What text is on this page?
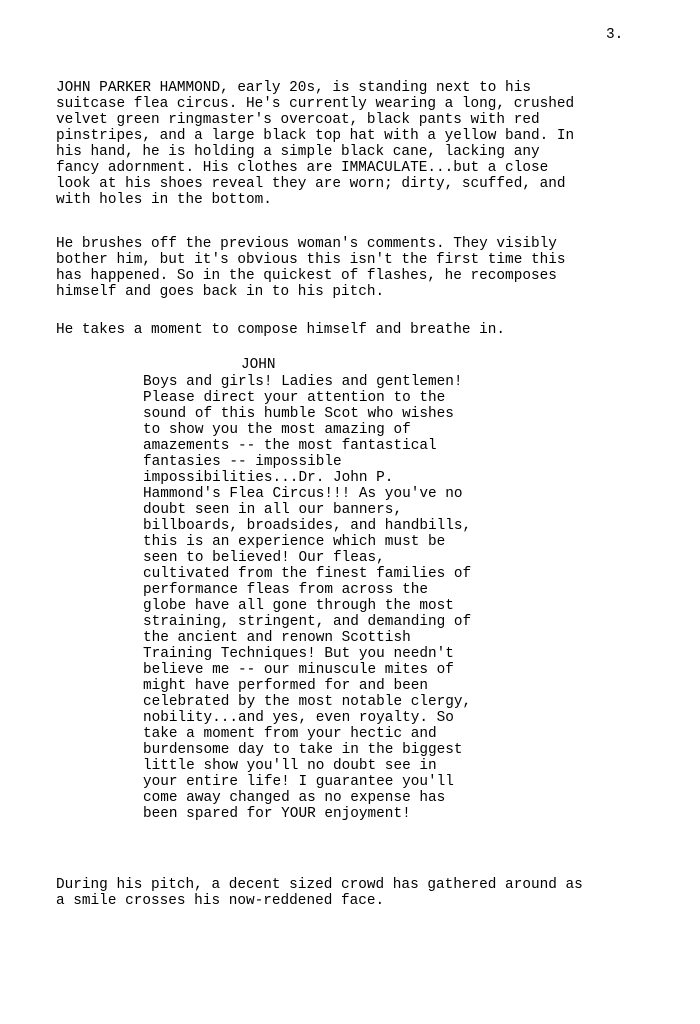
3.

JOHN PARKER HAMMOND, early 20s, is standing next to his
suitcase flea circus. He's currently wearing a long, crushed
velvet green ringmaster's overcoat, black pants with red
pinstripes, and a large black top hat with a yellow band. In
his hand, he is holding a simple black cane, lacking any
fancy adornment. His clothes are IMMACULATE...but a close
look at his shoes reveal they are worn; dirty, scuffed, and
with holes in the bottom.

He brushes off the previous woman's comments. They visibly
bother him, but it's obvious this isn't the first time this
has happened. So in the quickest of flashes, he recomposes
himself and goes back in to his pitch.

He takes a moment to compose himself and breathe in.

JOHN

Boys and girls! Ladies and gentlemen!
Please direct your attention to the
sound of this humble Scot who wishes
to show you the most amazing of
amazements -- the most fantastical
fantasies -- impossible
impossibilities...Dr. John P.
Hammond's Flea Circus!!! As you've no
doubt seen in all our banners,
billboards, broadsides, and handbills,
this is an experience which must be
seen to believed! Our fleas,
cultivated from the finest families of
performance fleas from across the
globe have all gone through the most
straining, stringent, and demanding of
the ancient and renown Scottish
Training Techniques! But you needn't
believe me -- our minuscule mites of
might have performed for and been
celebrated by the most notable clergy,
nobility...and yes, even royalty. So
take a moment from your hectic and
burdensome day to take in the biggest
little show you'll no doubt see in
your entire life! I guarantee you'll
come away changed as no expense has
been spared for YOUR enjoyment!

During his pitch, a decent sized crowd has gathered around as
a smile crosses his now-reddened face.
